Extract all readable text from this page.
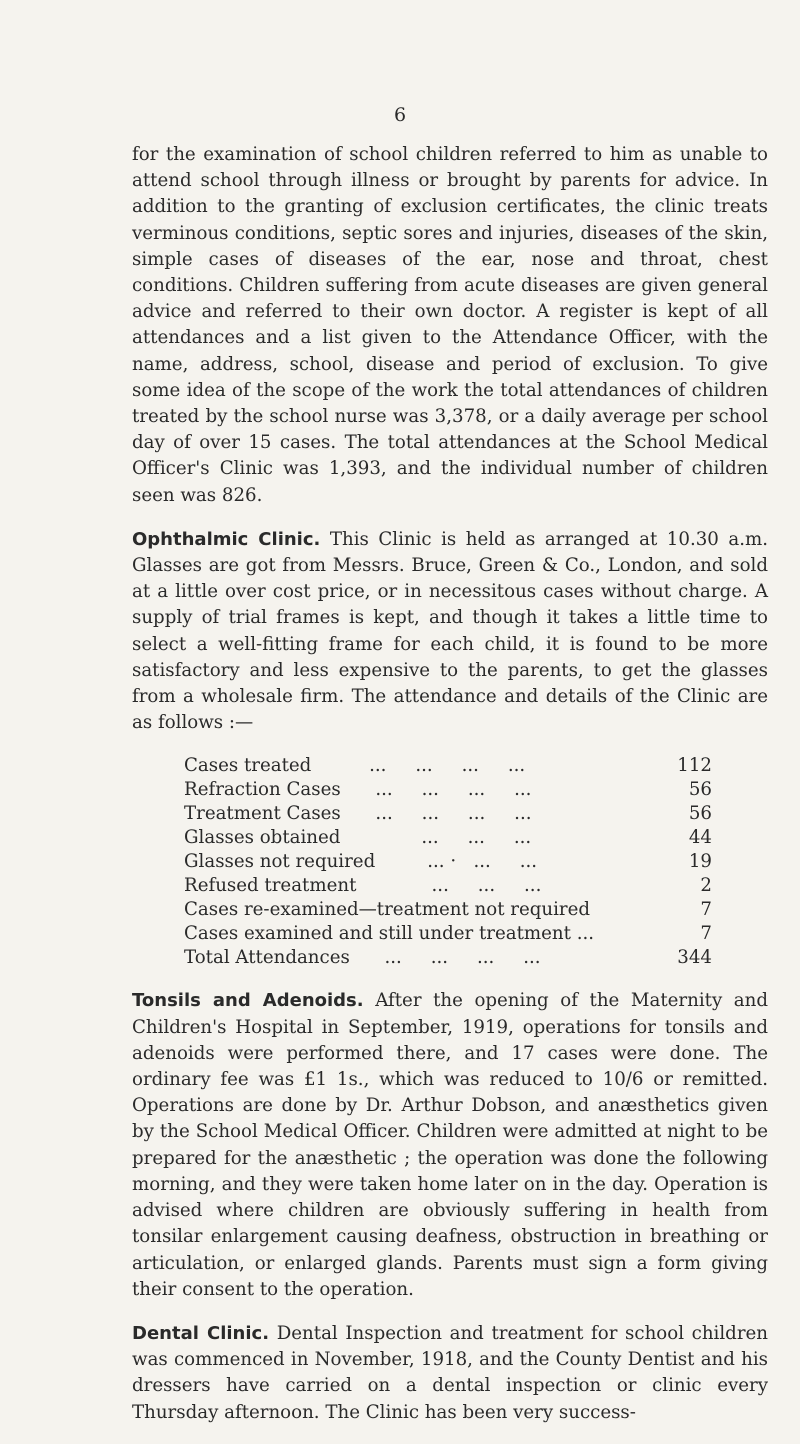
6

for the examination of school children referred to him as unable to attend school through illness or brought by parents for advice. In addition to the granting of exclusion certificates, the clinic treats verminous conditions, septic sores and injuries, diseases of the skin, simple cases of diseases of the ear, nose and throat, chest conditions. Children suffering from acute diseases are given general advice and referred to their own doctor. A register is kept of all attendances and a list given to the Attendance Officer, with the name, address, school, disease and period of exclusion. To give some idea of the scope of the work the total attendances of children treated by the school nurse was 3,378, or a daily average per school day of over 15 cases. The total attendances at the School Medical Officer's Clinic was 1,393, and the individual number of children seen was 826.

Ophthalmic Clinic. This Clinic is held as arranged at 10.30 a.m. Glasses are got from Messrs. Bruce, Green & Co., London, and sold at a little over cost price, or in necessitous cases without charge. A supply of trial frames is kept, and though it takes a little time to select a well-fitting frame for each child, it is found to be more satisfactory and less expensive to the parents, to get the glasses from a wholesale firm. The attendance and details of the Clinic are as follows :—

Cases treated          ...     ...     ...     ...	112
Refraction Cases      ...     ...     ...     ...	56
Treatment Cases      ...     ...     ...     ...	56
Glasses obtained              ...     ...     ...	44
Glasses not required         ... ·   ...     ...	19
Refused treatment             ...     ...     ...	2
Cases re-examined—treatment not required	7
Cases examined and still under treatment ...	7
Total Attendances      ...     ...     ...     ...	344

Tonsils and Adenoids. After the opening of the Maternity and Children's Hospital in September, 1919, operations for tonsils and adenoids were performed there, and 17 cases were done. The ordinary fee was £1 1s., which was reduced to 10/6 or remitted. Operations are done by Dr. Arthur Dobson, and anæsthetics given by the School Medical Officer. Children were admitted at night to be prepared for the anæsthetic ; the operation was done the following morning, and they were taken home later on in the day. Operation is advised where children are obviously suffering in health from tonsilar enlargement causing deafness, obstruction in breathing or articulation, or enlarged glands. Parents must sign a form giving their consent to the operation.

Dental Clinic. Dental Inspection and treatment for school children was commenced in November, 1918, and the County Dentist and his dressers have carried on a dental inspection or clinic every Thursday afternoon. The Clinic has been very success-
